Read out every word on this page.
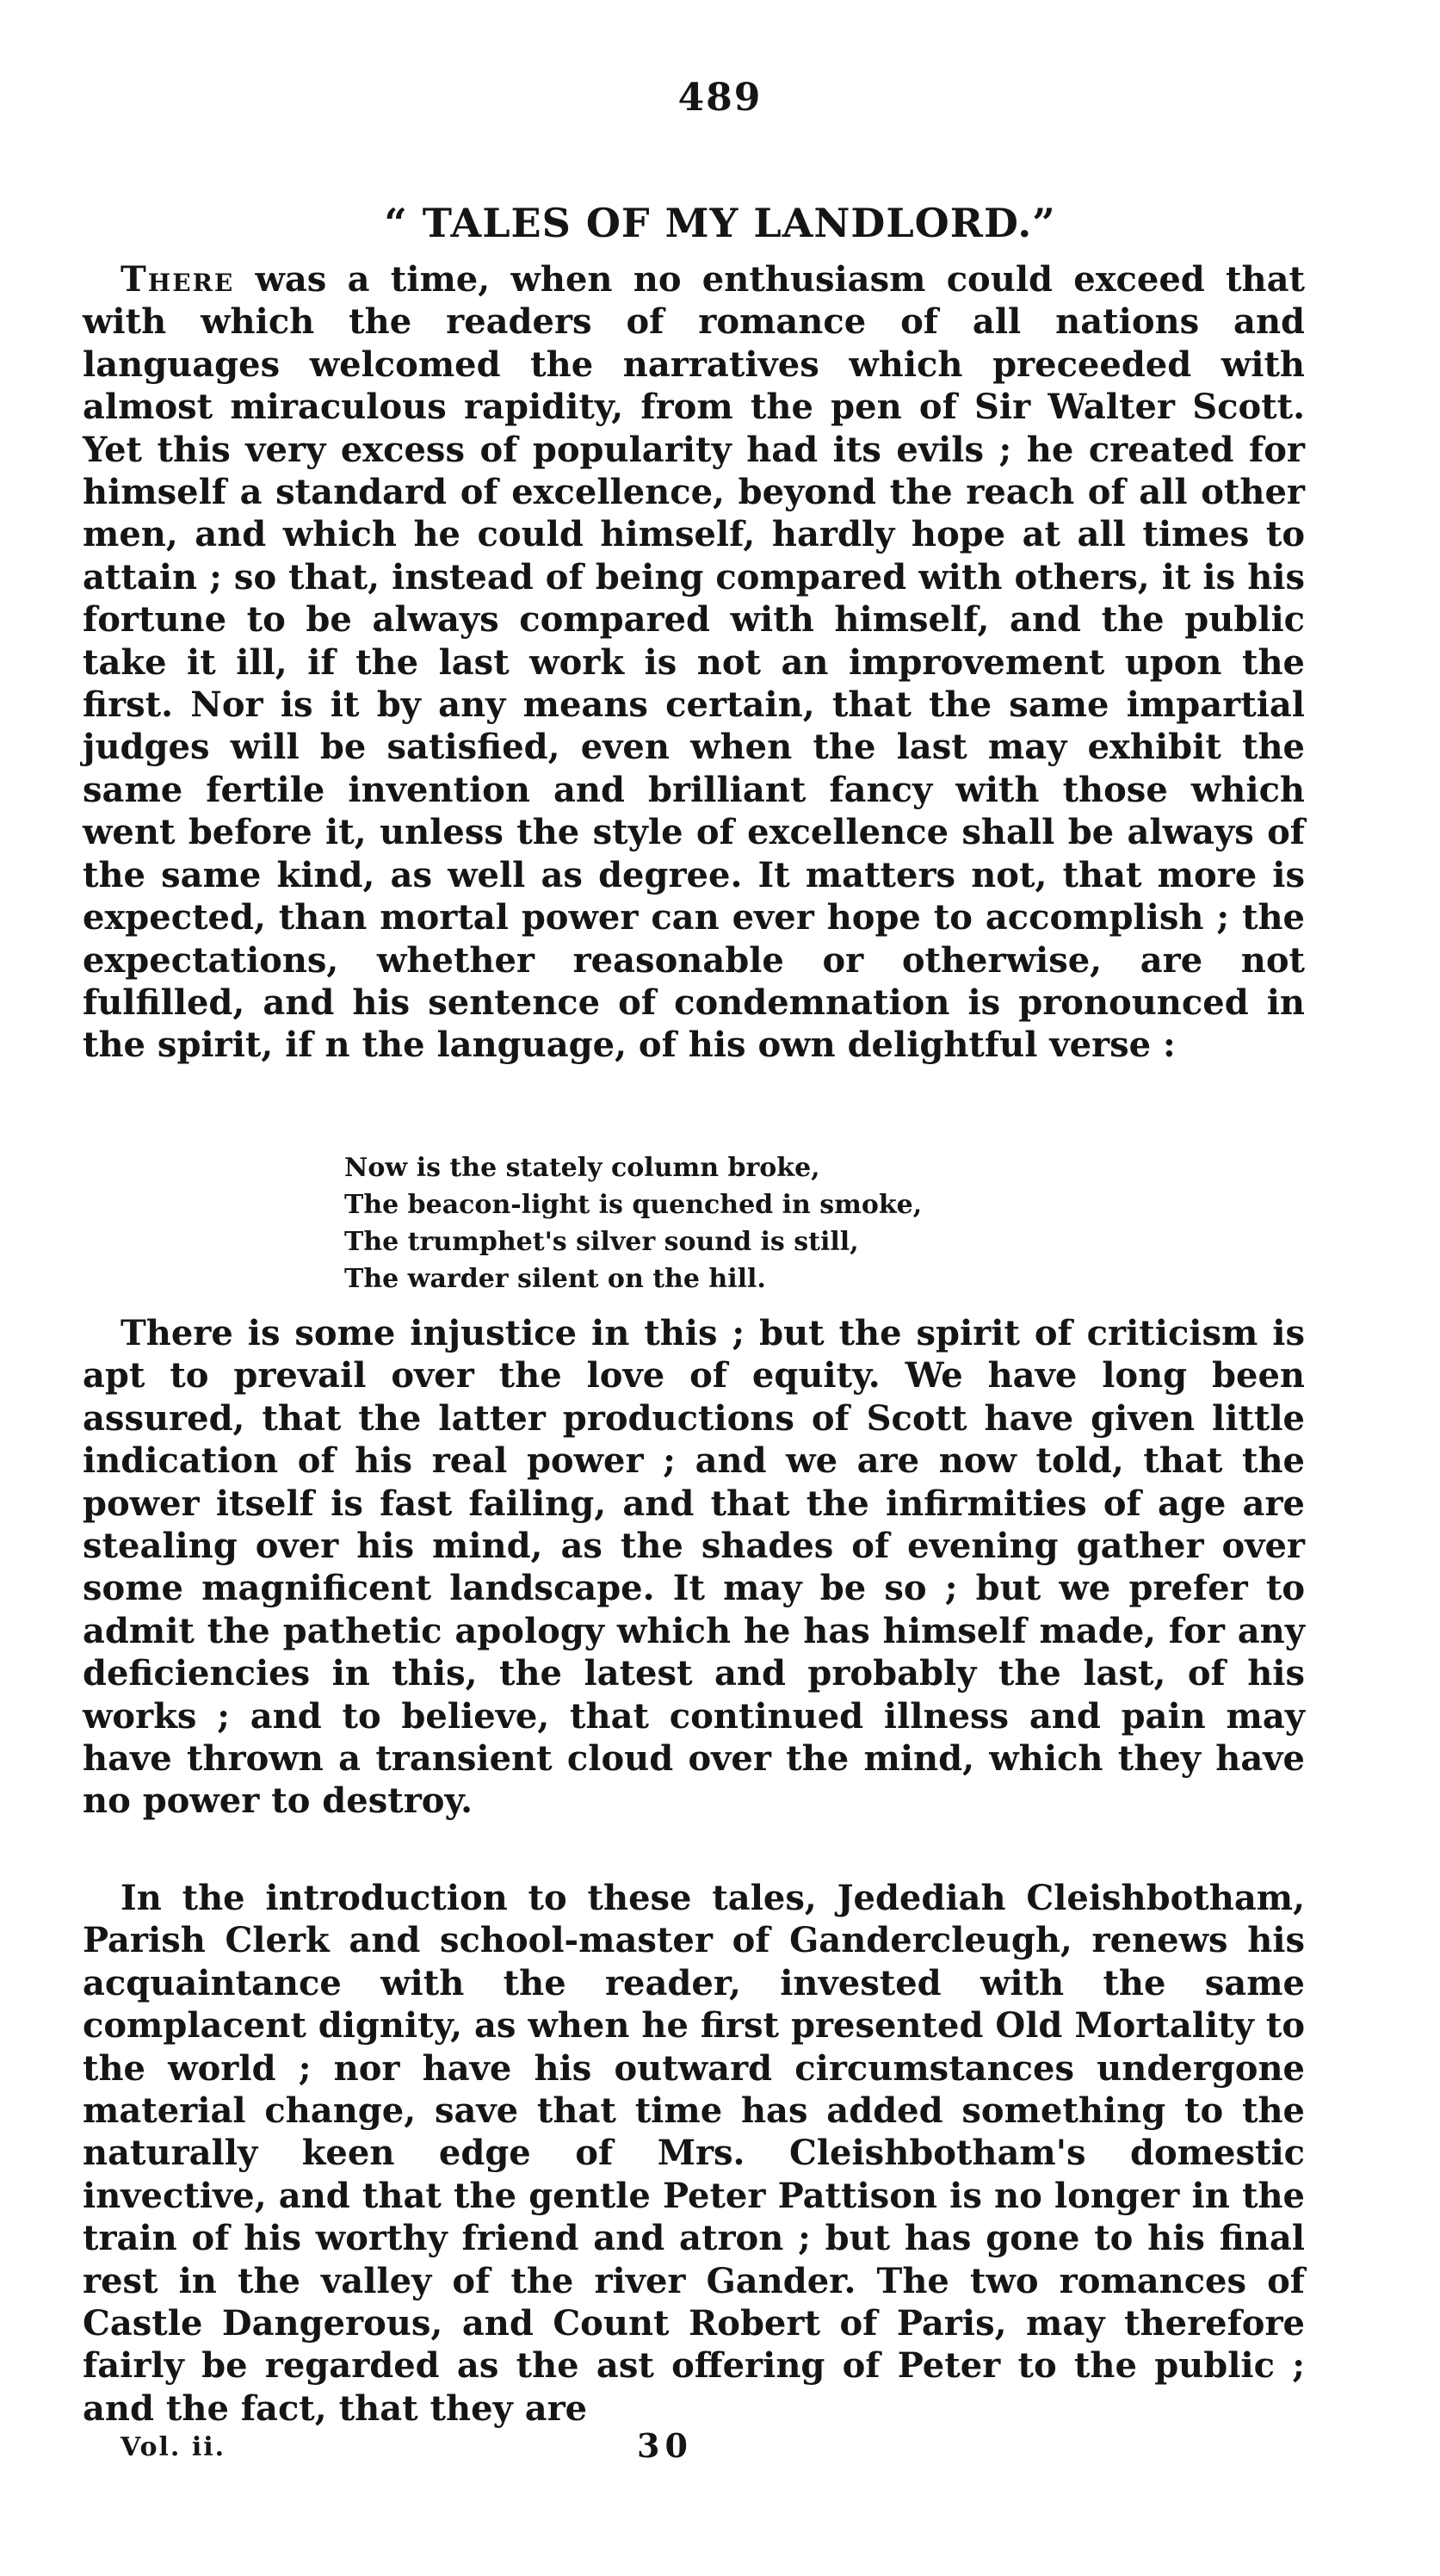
489
“ TALES OF MY LANDLORD.”

There was a time, when no enthusiasm could exceed that with which the readers of romance of all nations and languages welcomed the narratives which preceeded with almost miraculous rapidity, from the pen of Sir Walter Scott. Yet this very excess of popularity had its evils ; he created for himself a standard of excellence, beyond the reach of all other men, and which he could himself, hardly hope at all times to attain ; so that, instead of being compared with others, it is his fortune to be always compared with himself, and the public take it ill, if the last work is not an improvement upon the first. Nor is it by any means certain, that the same impartial judges will be satisfied, even when the last may exhibit the same fertile invention and brilliant fancy with those which went before it, unless the style of excellence shall be always of the same kind, as well as degree. It matters not, that more is expected, than mortal power can ever hope to accomplish ; the expectations, whether reasonable or otherwise, are not fulfilled, and his sentence of condemnation is pronounced in the spirit, if n the language, of his own delightful verse :

Now is the stately column broke,
The beacon-light is quenched in smoke,
The trumphet's silver sound is still,
The warder silent on the hill.

There is some injustice in this ; but the spirit of criticism is apt to prevail over the love of equity. We have long been assured, that the latter productions of Scott have given little indication of his real power ; and we are now told, that the power itself is fast failing, and that the infirmities of age are stealing over his mind, as the shades of evening gather over some magnificent landscape. It may be so ; but we prefer to admit the pathetic apology which he has himself made, for any deficiencies in this, the latest and probably the last, of his works ; and to believe, that continued illness and pain may have thrown a transient cloud over the mind, which they have no power to destroy.

In the introduction to these tales, Jedediah Cleishbotham, Parish Clerk and school-master of Gandercleugh, renews his acquaintance with the reader, invested with the same complacent dignity, as when he first presented Old Mortality to the world ; nor have his outward circumstances undergone material change, save that time has added something to the naturally keen edge of Mrs. Cleishbotham's domestic invective, and that the gentle Peter Pattison is no longer in the train of his worthy friend and atron ; but has gone to his final rest in the valley of the river Gander. The two romances of Castle Dangerous, and Count Robert of Paris, may therefore fairly be regarded as the ast offering of Peter to the public ; and the fact, that they are

Vol. ii.	30
